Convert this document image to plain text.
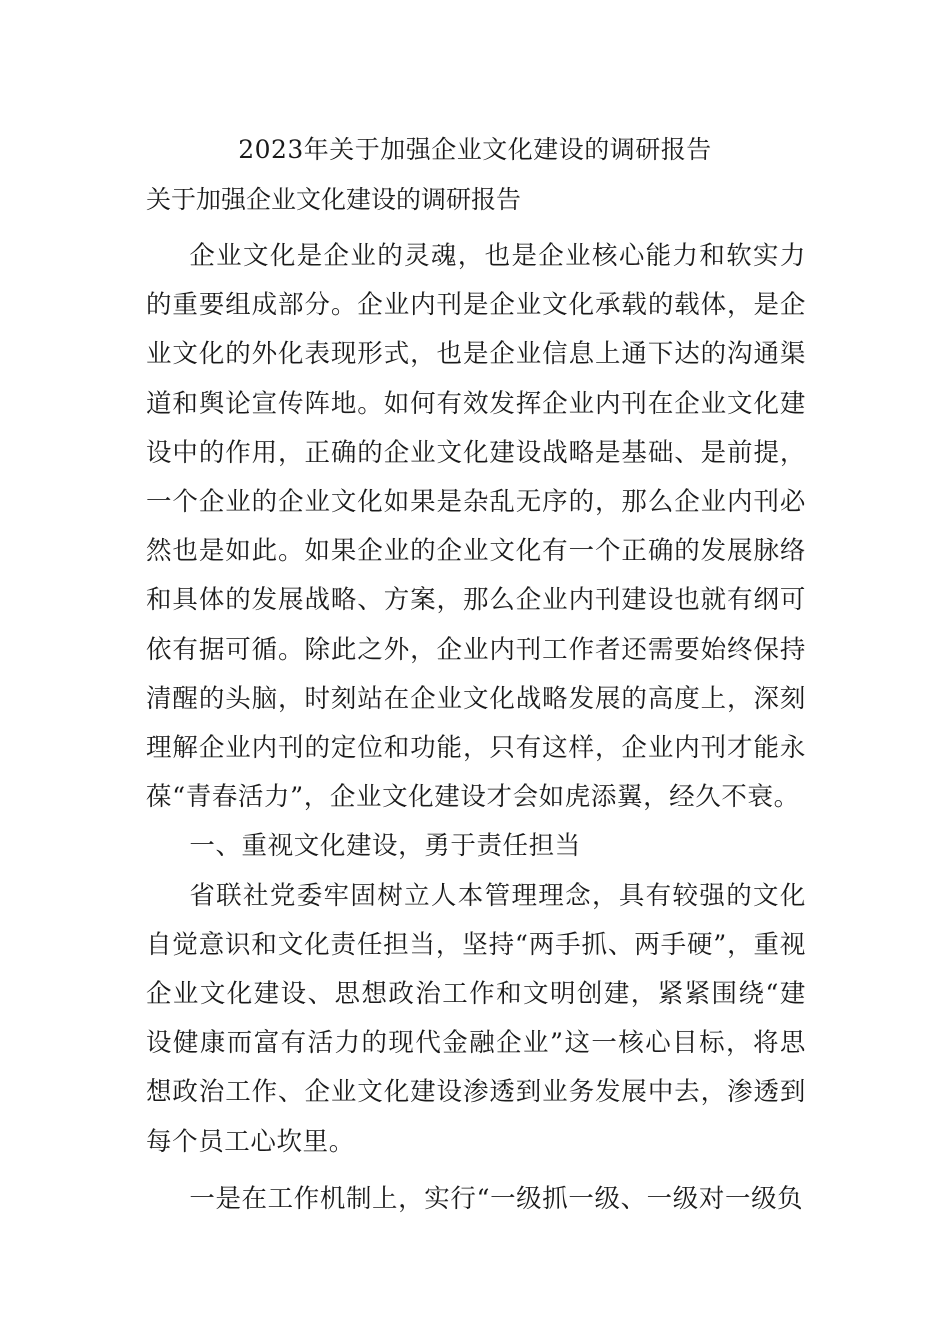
2023年关于加强企业文化建设的调研报告
关于加强企业文化建设的调研报告

企业文化是企业的灵魂，也是企业核心能力和软实力的重要组成部分。企业内刊是企业文化承载的载体，是企业文化的外化表现形式，也是企业信息上通下达的沟通渠道和舆论宣传阵地。如何有效发挥企业内刊在企业文化建设中的作用，正确的企业文化建设战略是基础、是前提，一个企业的企业文化如果是杂乱无序的，那么企业内刊必然也是如此。如果企业的企业文化有一个正确的发展脉络和具体的发展战略、方案，那么企业内刊建设也就有纲可依有据可循。除此之外，企业内刊工作者还需要始终保持清醒的头脑，时刻站在企业文化战略发展的高度上，深刻理解企业内刊的定位和功能，只有这样，企业内刊才能永葆“青春活力”，企业文化建设才会如虎添翼，经久不衰。

一、重视文化建设，勇于责任担当

省联社党委牢固树立人本管理理念，具有较强的文化自觉意识和文化责任担当，坚持“两手抓、两手硬”，重视企业文化建设、思想政治工作和文明创建，紧紧围绕“建设健康而富有活力的现代金融企业”这一核心目标，将思想政治工作、企业文化建设渗透到业务发展中去，渗透到每个员工心坎里。

一是在工作机制上，实行“一级抓一级、一级对一级负
